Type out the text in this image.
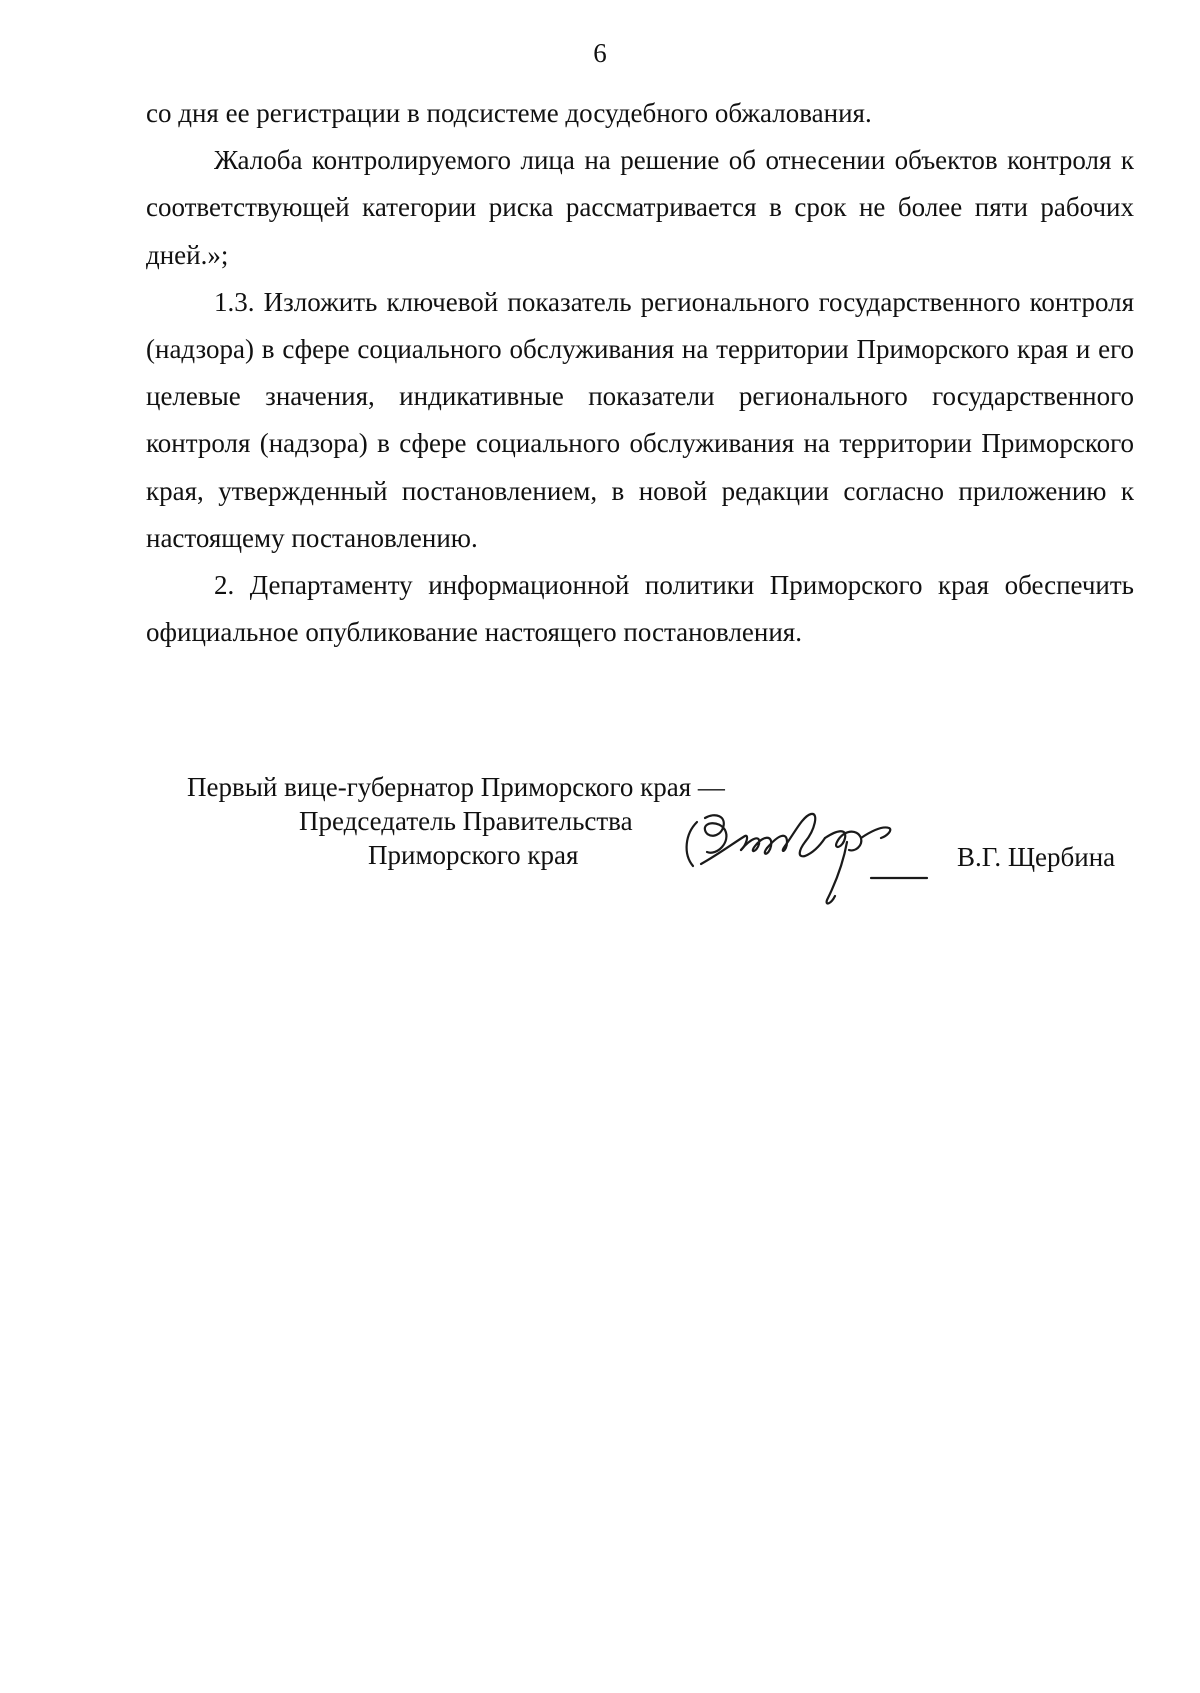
6

со дня ее регистрации в подсистеме досудебного обжалования.

Жалоба контролируемого лица на решение об отнесении объектов контроля к соответствующей категории риска рассматривается в срок не более пяти рабочих дней.»;

1.3. Изложить ключевой показатель регионального государственного контроля (надзора) в сфере социального обслуживания на территории Приморского края и его целевые значения, индикативные показатели регионального государственного контроля (надзора) в сфере социального обслуживания на территории Приморского края, утвержденный постановлением, в новой редакции согласно приложению к настоящему постановлению.

2. Департаменту информационной политики Приморского края обеспечить официальное опубликование настоящего постановления.

Первый вице-губернатор Приморского края —
Председатель Правительства
Приморского края	В.Г. Щербина
